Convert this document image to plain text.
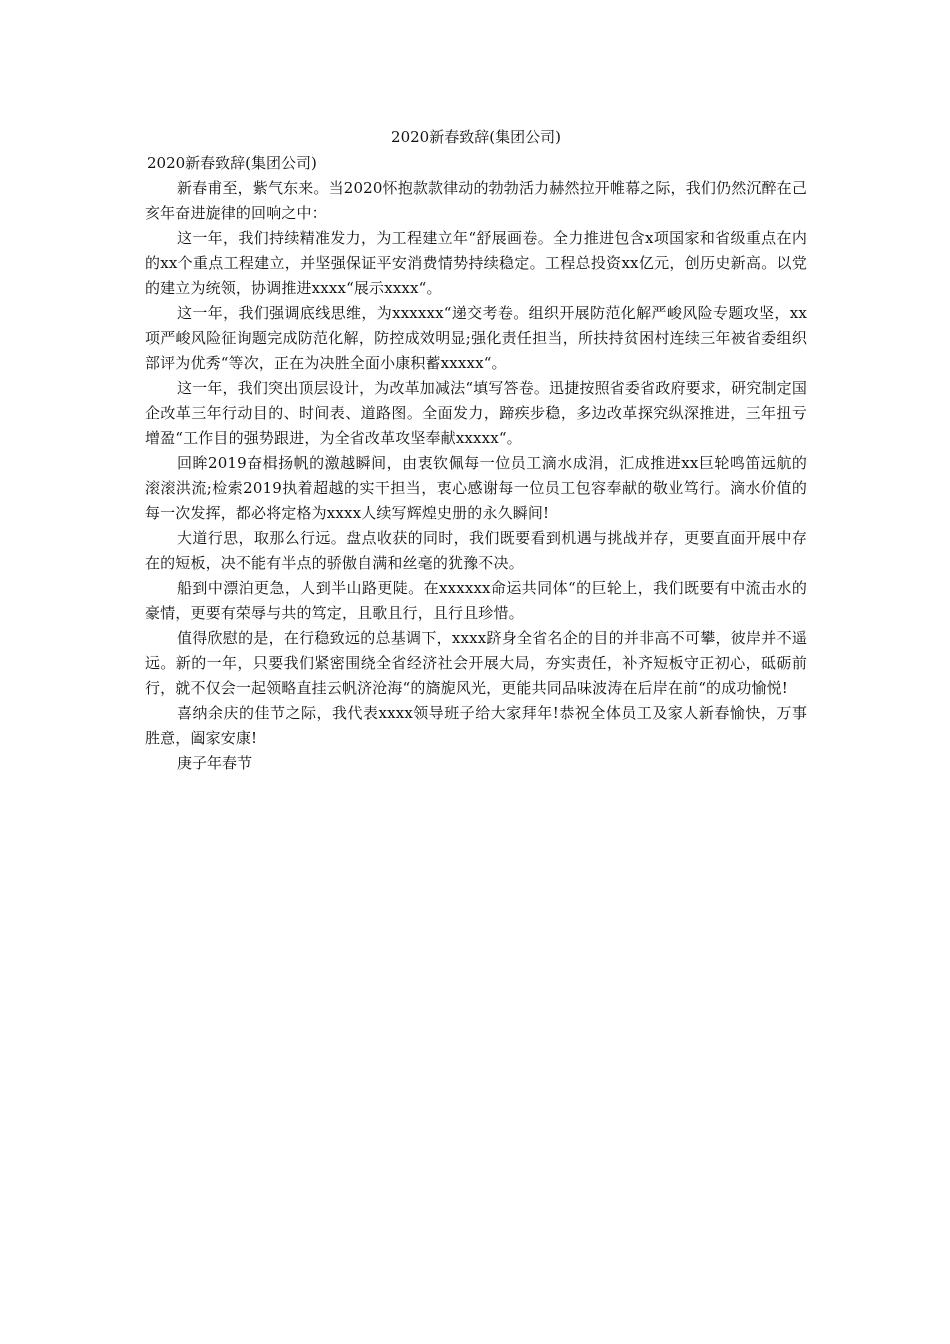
2020新春致辞(集团公司)

2020新春致辞(集团公司)

新春甫至，紫气东来。当2020怀抱款款律动的勃勃活力赫然拉开帷幕之际，我们仍然沉醉在己亥年奋进旋律的回响之中：

这一年，我们持续精准发力，为工程建立年“舒展画卷。全力推进包含x项国家和省级重点在内的xx个重点工程建立，并坚强保证平安消费情势持续稳定。工程总投资xx亿元，创历史新高。以党的建立为统领，协调推进xxxx“展示xxxx“。

这一年，我们强调底线思维，为xxxxxx“递交考卷。组织开展防范化解严峻风险专题攻坚，xx项严峻风险征询题完成防范化解，防控成效明显;强化责任担当，所扶持贫困村连续三年被省委组织部评为优秀“等次，正在为决胜全面小康积蓄xxxxx“。

这一年，我们突出顶层设计，为改革加减法“填写答卷。迅捷按照省委省政府要求，研究制定国企改革三年行动目的、时间表、道路图。全面发力，蹄疾步稳，多边改革探究纵深推进，三年扭亏增盈“工作目的强势跟进，为全省改革攻坚奉献xxxxx“。

回眸2019奋楫扬帆的激越瞬间，由衷钦佩每一位员工滴水成涓，汇成推进xx巨轮鸣笛远航的滚滚洪流;检索2019执着超越的实干担当，衷心感谢每一位员工包容奉献的敬业笃行。滴水价值的每一次发挥，都必将定格为xxxx人续写辉煌史册的永久瞬间!

大道行思，取那么行远。盘点收获的同时，我们既要看到机遇与挑战并存，更要直面开展中存在的短板，决不能有半点的骄傲自满和丝毫的犹豫不决。

船到中漂泊更急，人到半山路更陡。在xxxxxx命运共同体“的巨轮上，我们既要有中流击水的豪情，更要有荣辱与共的笃定，且歌且行，且行且珍惜。

值得欣慰的是，在行稳致远的总基调下，xxxx跻身全省名企的目的并非高不可攀，彼岸并不遥远。新的一年，只要我们紧密围绕全省经济社会开展大局，夯实责任，补齐短板守正初心，砥砺前行，就不仅会一起领略直挂云帆济沧海“的旖旎风光，更能共同品味波涛在后岸在前“的成功愉悦!

喜纳余庆的佳节之际，我代表xxxx领导班子给大家拜年!恭祝全体员工及家人新春愉快，万事胜意，阖家安康!

庚子年春节
